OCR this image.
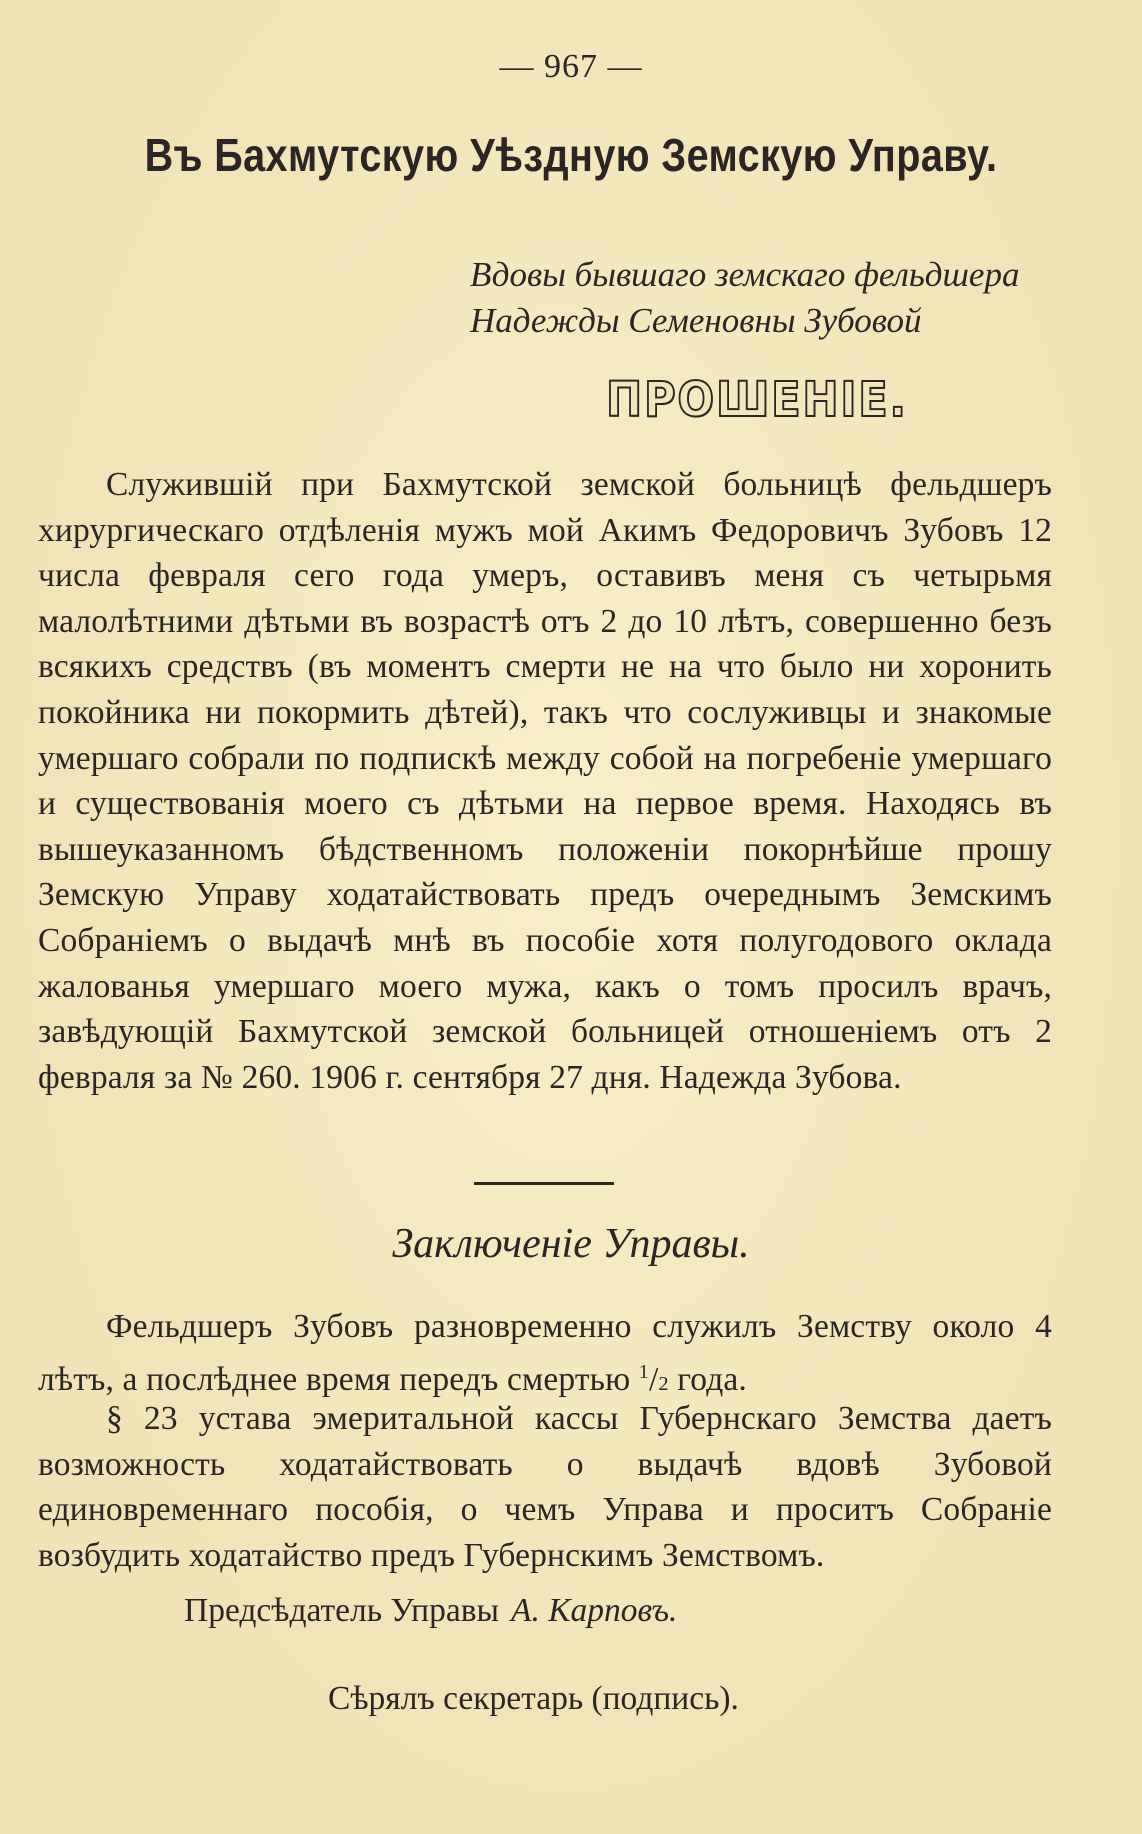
— 967 —
Въ Бахмутскую Уѣздную Земскую Управу.
Вдовы бывшаго земскаго фельдшера
Надежды Семеновны Зубовой
ПРОШЕНІЕ.

Служившій при Бахмутской земской больницѣ фельдшеръ хирургическаго отдѣленія мужъ мой Акимъ Федоровичъ Зубовъ 12 числа февраля сего года умеръ, оставивъ меня съ четырьмя малолѣтними дѣтьми въ возрастѣ отъ 2 до 10 лѣтъ, совершенно безъ всякихъ средствъ (въ моментъ смерти не на что было ни хоронить покойника ни покормить дѣтей), такъ что сослуживцы и знакомые умершаго собрали по подпискѣ между собой на погребеніе умершаго и существованія моего съ дѣтьми на первое время. Находясь въ вышеуказанномъ бѣдственномъ положеніи покорнѣйше прошу Земскую Управу ходатайствовать предъ очереднымъ Земскимъ Собраніемъ о выдачѣ мнѣ въ пособіе хотя полугодового оклада жалованья умершаго моего мужа, какъ о томъ просилъ врачъ, завѣдующій Бахмутской земской больницей отношеніемъ отъ 2 февраля за № 260. 1906 г. сентября 27 дня. Надежда Зубова.

Заключеніе Управы.

Фельдшеръ Зубовъ разновременно служилъ Земству около 4 лѣтъ, а послѣднее время передъ смертью $^1$/2 года.

§ 23 устава эмеритальной кассы Губернскаго Земства даетъ возможность ходатайствовать о выдачѣ вдовѣ Зубовой единовременнаго пособія, о чемъ Управа и проситъ Собраніе возбудить ходатайство предъ Губернскимъ Земствомъ.

Предсѣдатель Управы А. Карповъ.
Сѣрялъ секретарь (подпись).
